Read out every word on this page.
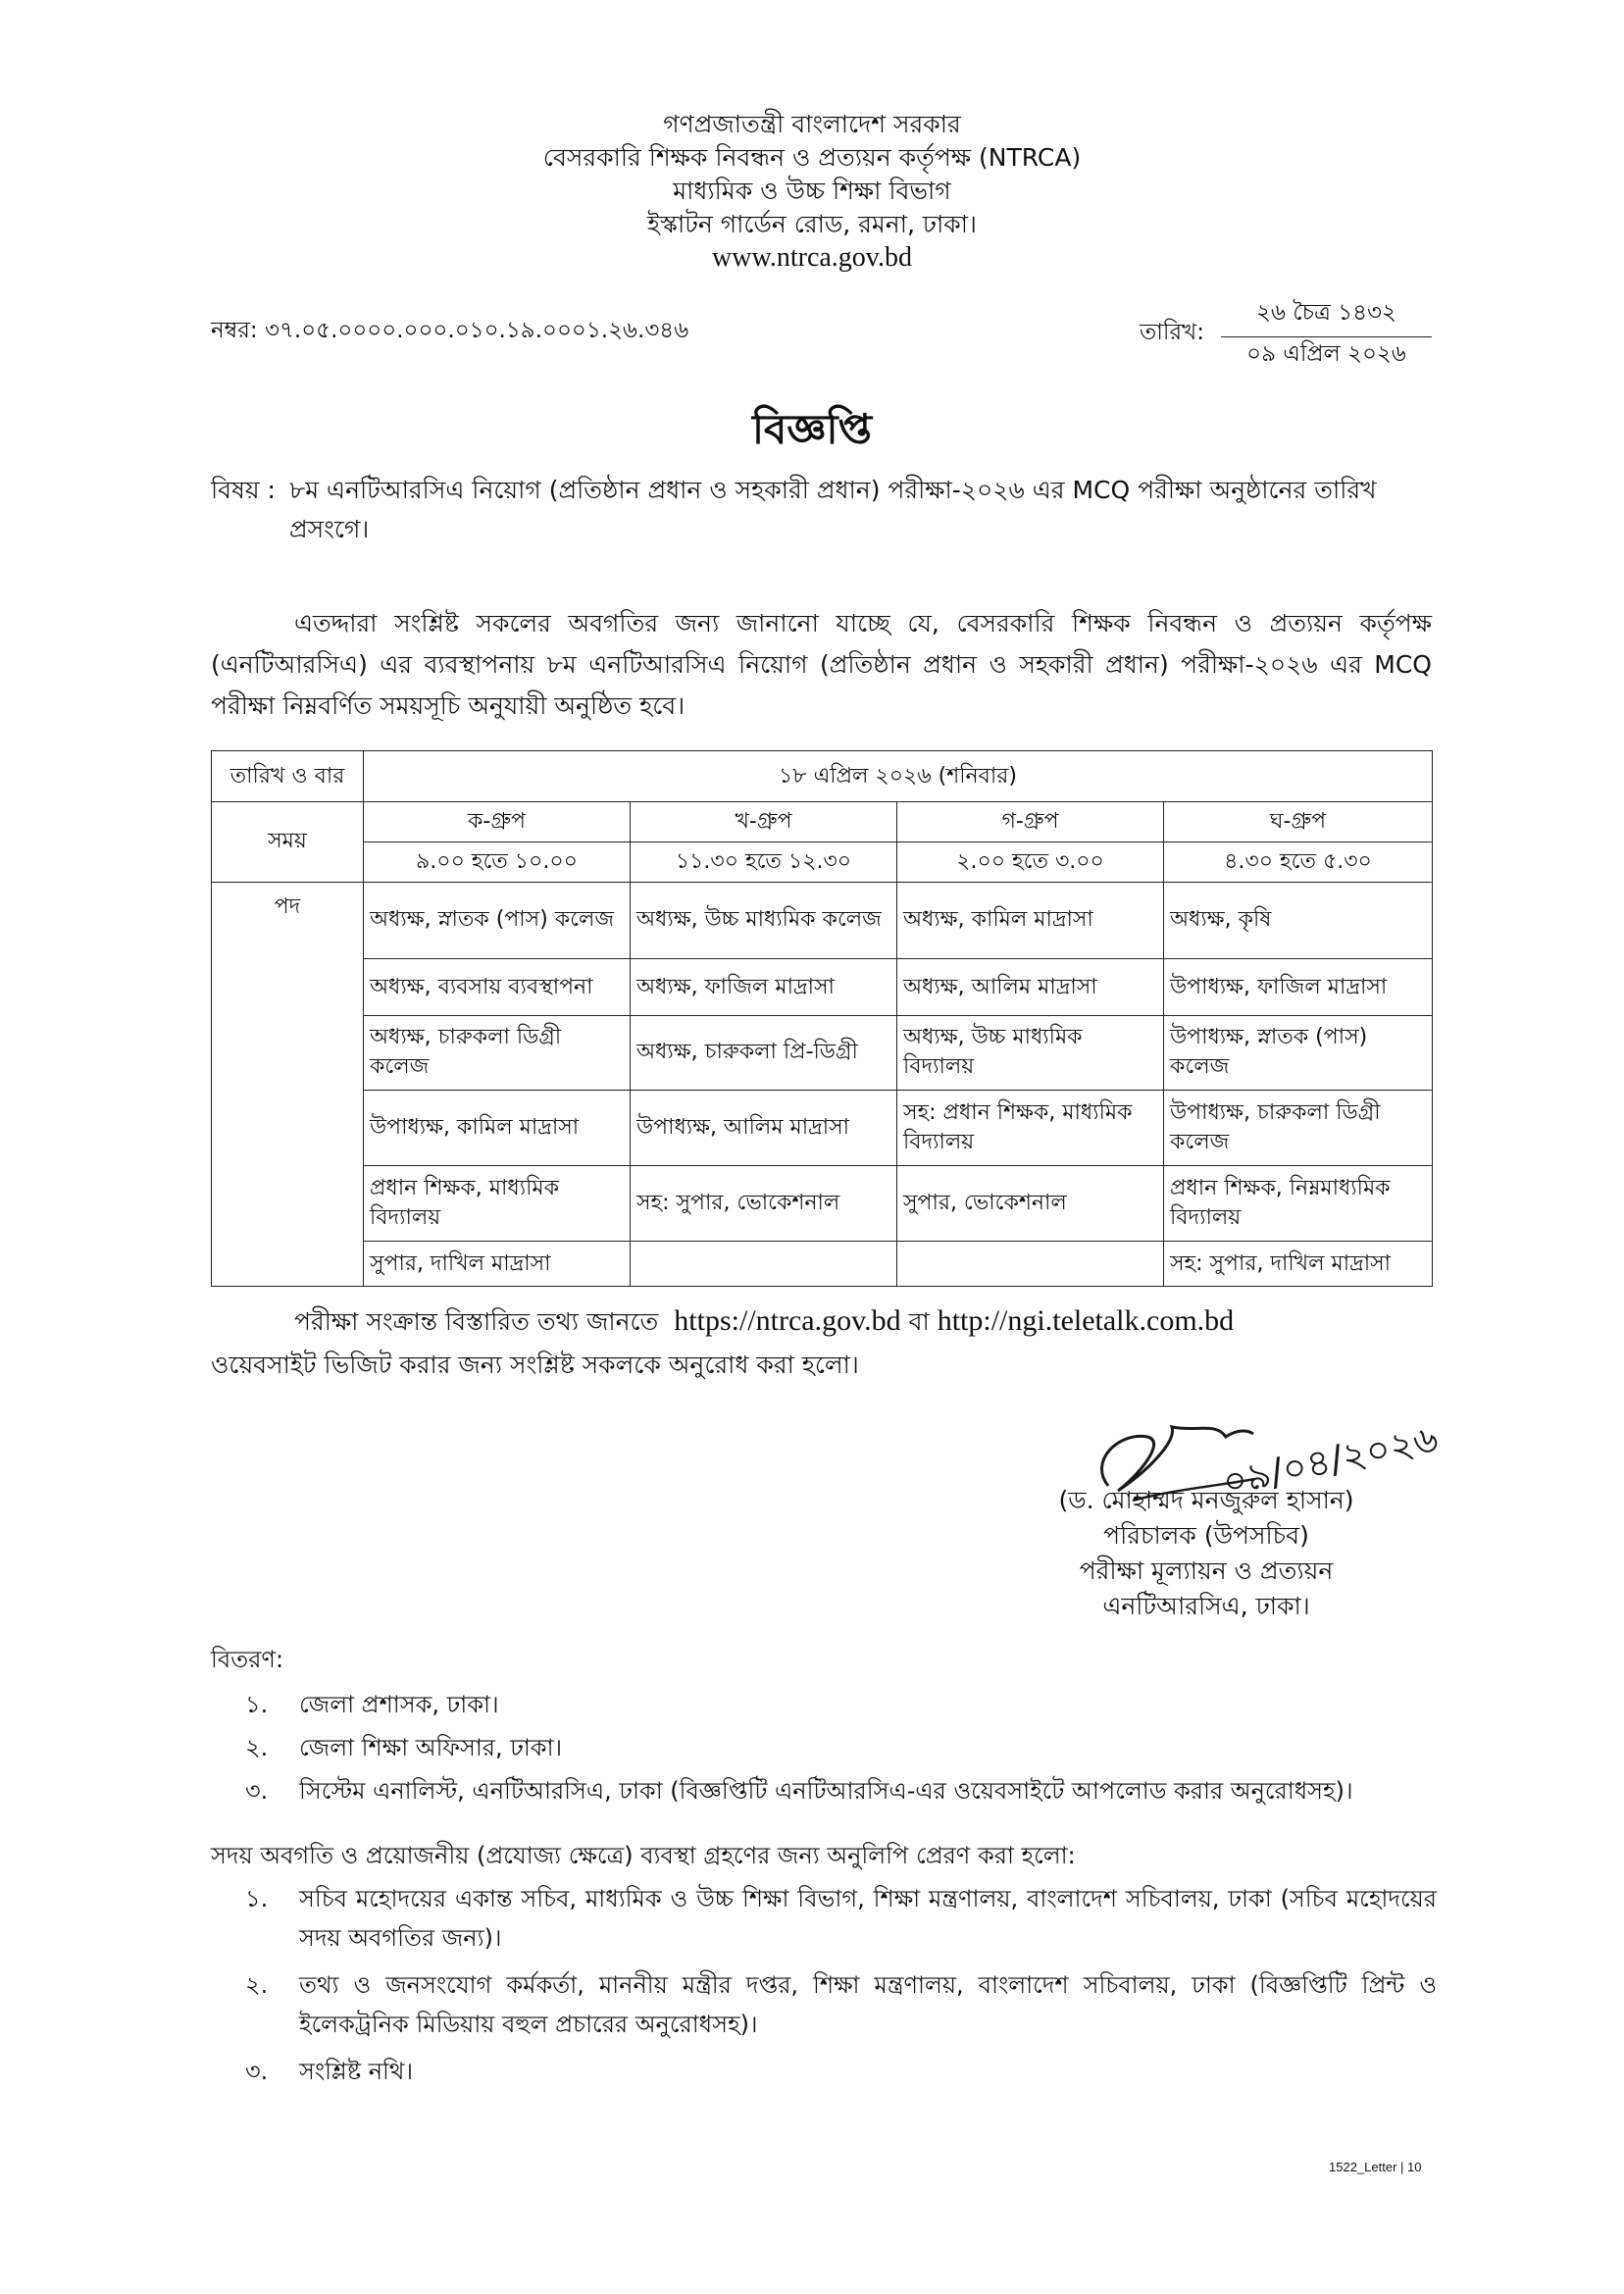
গণপ্রজাতন্ত্রী বাংলাদেশ সরকার
বেসরকারি শিক্ষক নিবন্ধন ও প্রত্যয়ন কর্তৃপক্ষ (NTRCA)
মাধ্যমিক ও উচ্চ শিক্ষা বিভাগ
ইস্কাটন গার্ডেন রোড, রমনা, ঢাকা।
www.ntrca.gov.bd
নম্বর: ৩৭.০৫.০০০০.০০০.০১০.১৯.০০০১.২৬.৩৪৬	তারিখ:
২৬ চৈত্র ১৪৩২
০৯ এপ্রিল ২০২৬
বিজ্ঞপ্তি
বিষয় : ৮ম এনটিআরসিএ নিয়োগ (প্রতিষ্ঠান প্রধান ও সহকারী প্রধান) পরীক্ষা-২০২৬ এর MCQ পরীক্ষা অনুষ্ঠানের তারিখ প্রসংগে।
এতদ্দারা সংশ্লিষ্ট সকলের অবগতির জন্য জানানো যাচ্ছে যে, বেসরকারি শিক্ষক নিবন্ধন ও প্রত্যয়ন কর্তৃপক্ষ (এনটিআরসিএ) এর ব্যবস্থাপনায় ৮ম এনটিআরসিএ নিয়োগ (প্রতিষ্ঠান প্রধান ও সহকারী প্রধান) পরীক্ষা-২০২৬ এর MCQ পরীক্ষা নিম্নবর্ণিত সময়সূচি অনুযায়ী অনুষ্ঠিত হবে।
তারিখ ও বার	১৮ এপ্রিল ২০২৬ (শনিবার)			
সময়	ক-গ্রুপ	খ-গ্রুপ	গ-গ্রুপ	ঘ-গ্রুপ
	৯.০০ হতে ১০.০০	১১.৩০ হতে ১২.৩০	২.০০ হতে ৩.০০	৪.৩০ হতে ৫.৩০
পদ	অধ্যক্ষ, স্নাতক (পাস) কলেজ	অধ্যক্ষ, উচ্চ মাধ্যমিক কলেজ	অধ্যক্ষ, কামিল মাদ্রাসা	অধ্যক্ষ, কৃষি
	অধ্যক্ষ, ব্যবসায় ব্যবস্থাপনা	অধ্যক্ষ, ফাজিল মাদ্রাসা	অধ্যক্ষ, আলিম মাদ্রাসা	উপাধ্যক্ষ, ফাজিল মাদ্রাসা
	অধ্যক্ষ, চারুকলা ডিগ্রী কলেজ	অধ্যক্ষ, চারুকলা প্রি-ডিগ্রী	অধ্যক্ষ, উচ্চ মাধ্যমিক বিদ্যালয়	উপাধ্যক্ষ, স্নাতক (পাস) কলেজ
	উপাধ্যক্ষ, কামিল মাদ্রাসা	উপাধ্যক্ষ, আলিম মাদ্রাসা	সহ: প্রধান শিক্ষক, মাধ্যমিক বিদ্যালয়	উপাধ্যক্ষ, চারুকলা ডিগ্রী কলেজ
	প্রধান শিক্ষক, মাধ্যমিক বিদ্যালয়	সহ: সুপার, ভোকেশনাল	সুপার, ভোকেশনাল	প্রধান শিক্ষক, নিম্নমাধ্যমিক বিদ্যালয়
	সুপার, দাখিল মাদ্রাসা			সহ: সুপার, দাখিল মাদ্রাসা
পরীক্ষা সংক্রান্ত বিস্তারিত তথ্য জানতে https://ntrca.gov.bd বা http://ngi.teletalk.com.bd
ওয়েবসাইট ভিজিট করার জন্য সংশ্লিষ্ট সকলকে অনুরোধ করা হলো।
০৯/০৪/২০২৬
(ড. মোহাম্মদ মনজুরুল হাসান)
পরিচালক (উপসচিব)
পরীক্ষা মূল্যায়ন ও প্রত্যয়ন
এনটিআরসিএ, ঢাকা।
বিতরণ:
১. জেলা প্রশাসক, ঢাকা।
২. জেলা শিক্ষা অফিসার, ঢাকা।
৩. সিস্টেম এনালিস্ট, এনটিআরসিএ, ঢাকা (বিজ্ঞপ্তিটি এনটিআরসিএ-এর ওয়েবসাইটে আপলোড করার অনুরোধসহ)।
সদয় অবগতি ও প্রয়োজনীয় (প্রযোজ্য ক্ষেত্রে) ব্যবস্থা গ্রহণের জন্য অনুলিপি প্রেরণ করা হলো:
১. সচিব মহোদয়ের একান্ত সচিব, মাধ্যমিক ও উচ্চ শিক্ষা বিভাগ, শিক্ষা মন্ত্রণালয়, বাংলাদেশ সচিবালয়, ঢাকা (সচিব মহোদয়ের সদয় অবগতির জন্য)।
২. তথ্য ও জনসংযোগ কর্মকর্তা, মাননীয় মন্ত্রীর দপ্তর, শিক্ষা মন্ত্রণালয়, বাংলাদেশ সচিবালয়, ঢাকা (বিজ্ঞপ্তিটি প্রিন্ট ও ইলেকট্রনিক মিডিয়ায় বহুল প্রচারের অনুরোধসহ)।
৩. সংশ্লিষ্ট নথি।
1522_Letter | 10
